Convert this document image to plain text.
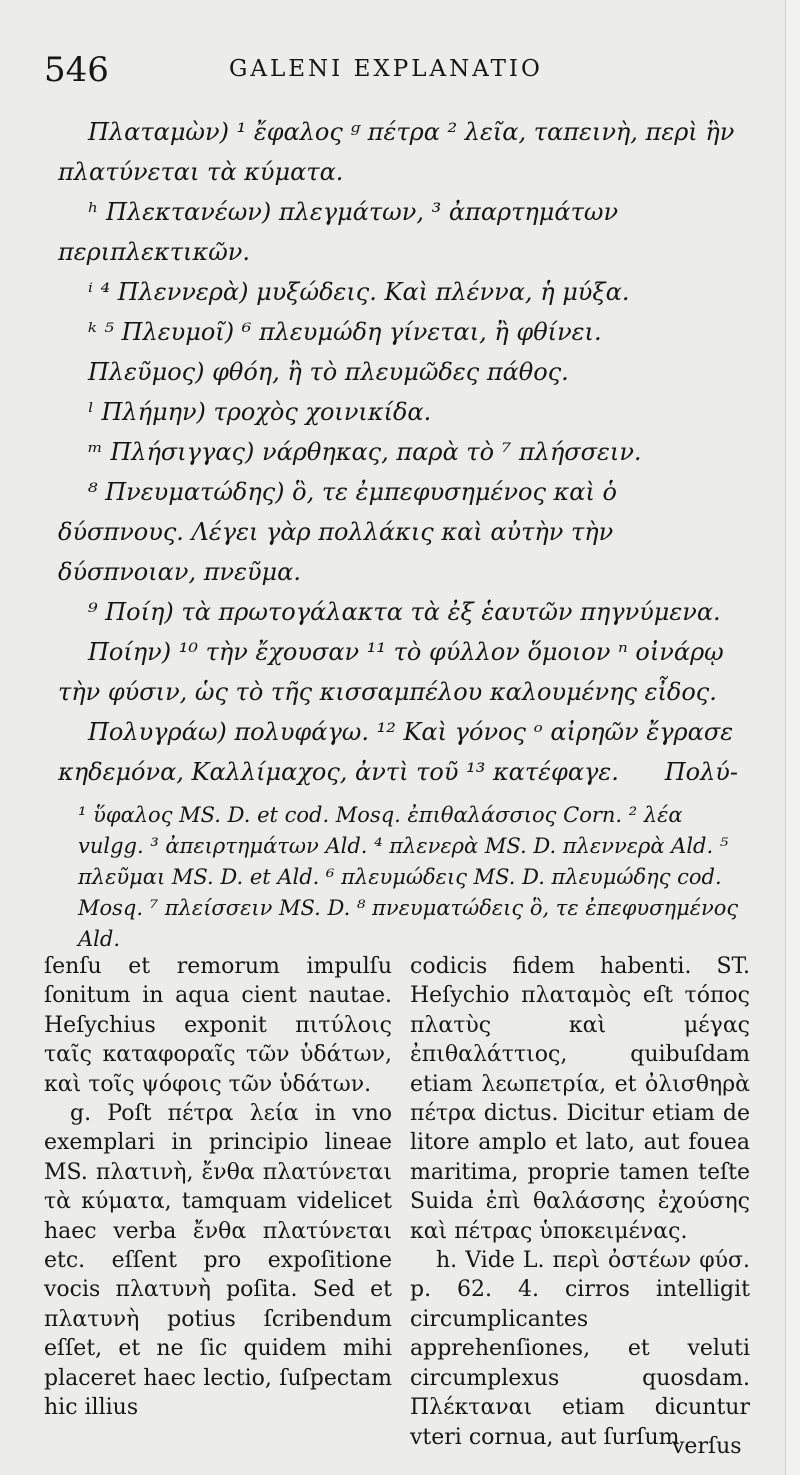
546	GALENI EXPLANATIO
Πλαταμὼν) ¹ ἔφαλος ᵍ πέτρα ² λεῖα, ταπεινὴ, περὶ ἣν πλατύνεται τὰ κύματα.
ʰ Πλεκτανέων) πλεγμάτων, ³ ἀπαρτημάτων περιπλεκτικῶν.
ⁱ ⁴ Πλεννερὰ) μυξώδεις. Καὶ πλέννα, ἡ μύξα.
ᵏ ⁵ Πλευμοῖ) ⁶ πλευμώδη γίνεται, ἢ φθίνει.
Πλεῦμος) φθόη, ἢ τὸ πλευμῶδες πάθος.
ˡ Πλήμην) τροχὸς χοινικίδα.
ᵐ Πλήσιγγας) νάρθηκας, παρὰ τὸ ⁷ πλήσσειν.
⁸ Πνευματώδης) ὃ, τε ἐμπεφυσημένος καὶ ὁ δύσπνους. Λέγει γὰρ πολλάκις καὶ αὐτὴν τὴν δύσπνοιαν, πνεῦμα.
⁹ Ποίη) τὰ πρωτογάλακτα τὰ ἐξ ἑαυτῶν πηγνύμενα.
Ποίην) ¹⁰ τὴν ἔχουσαν ¹¹ τὸ φύλλον ὅμοιον ⁿ οἰνάρῳ τὴν φύσιν, ὡς τὸ τῆς κισσαμπέλου καλουμένης εἶδος.
Πολυγράω) πολυφάγω. ¹² Καὶ γόνος ᵒ αἰρηῶν ἔγρασε κηδεμόνα, Καλλίμαχος, ἀντὶ τοῦ ¹³ κατέφαγε.	Πολύ-
¹ ὕφαλος MS. D. et cod. Mosq. ἐπιθαλάσσιος Corn. ² λέα vulgg. ³ ἀπειρτημάτων Ald. ⁴ πλενερὰ MS. D. πλεννερὰ Ald. ⁵ πλεῦμαι MS. D. et Ald. ⁶ πλευμώδεις MS. D. πλευμώδης cod. Mosq. ⁷ πλείσσειν MS. D. ⁸ πνευματώδεις ὃ, τε ἐπεφυσημένος Ald.

ſenſu et remorum impulſu ſonitum in aqua cient nautae. Heſychius exponit πιτύλοις ταῖς καταφοραῖς τῶν ὑδάτων, καὶ τοῖς ψόφοις τῶν ὑδάτων.

g. Poſt πέτρα λεία in vno exemplari in principio lineae MS. πλατινὴ, ἔνθα πλατύνεται τὰ κύματα, tamquam videlicet haec verba ἔνθα πλατύνεται etc. eſſent pro expoſitione vocis πλατυνὴ poſita. Sed et πλατυνὴ potius ſcribendum eſſet, et ne ſic quidem mihi placeret haec lectio, ſuſpectam hic illius

codicis fidem habenti. ST. Heſychio πλαταμὸς eſt τόπος πλατὺς καὶ μέγας ἐπιθαλάττιος, quibuſdam etiam λεωπετρία, et ὀλισθηρὰ πέτρα dictus. Dicitur etiam de litore amplo et lato, aut fouea maritima, proprie tamen teſte Suida ἐπὶ θαλάσσης ἐχούσης καὶ πέτρας ὑποκειμένας.

h. Vide L. περὶ ὀστέων φύσ. p. 62. 4. cirros intelligit circumplicantes apprehenſiones, et veluti circumplexus quosdam. Πλέκταναι etiam dicuntur vteri cornua, aut ſurſum

verſus
